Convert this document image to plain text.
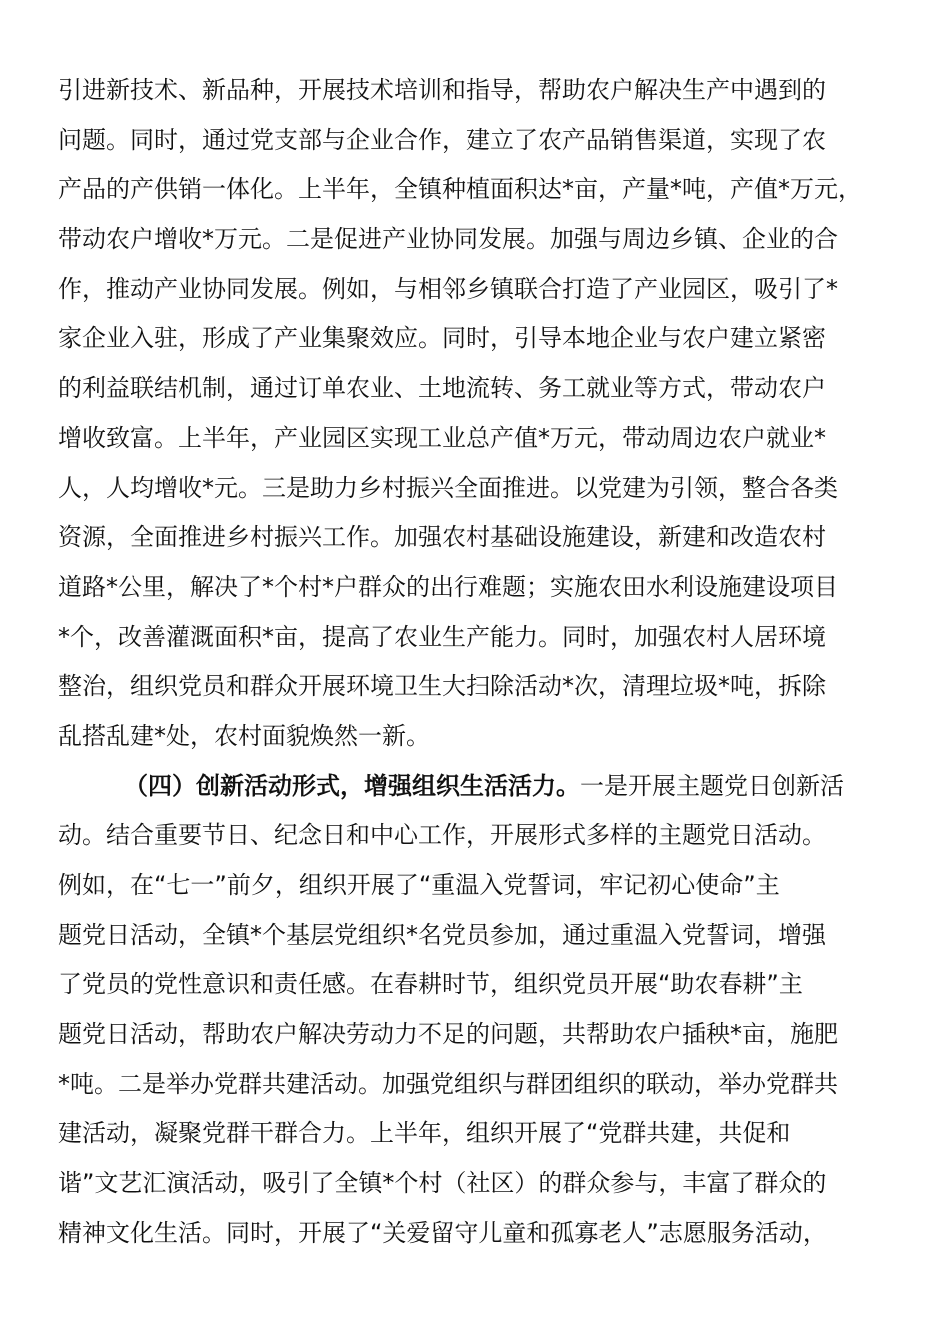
引进新技术、新品种，开展技术培训和指导，帮助农户解决生产中遇到的
问题。同时，通过党支部与企业合作，建立了农产品销售渠道，实现了农
产品的产供销一体化。上半年，全镇种植面积达*亩，产量*吨，产值*万元，
带动农户增收*万元。二是促进产业协同发展。加强与周边乡镇、企业的合
作，推动产业协同发展。例如，与相邻乡镇联合打造了产业园区，吸引了*
家企业入驻，形成了产业集聚效应。同时，引导本地企业与农户建立紧密
的利益联结机制，通过订单农业、土地流转、务工就业等方式，带动农户
增收致富。上半年，产业园区实现工业总产值*万元，带动周边农户就业*
人，人均增收*元。三是助力乡村振兴全面推进。以党建为引领，整合各类
资源，全面推进乡村振兴工作。加强农村基础设施建设，新建和改造农村
道路*公里，解决了*个村*户群众的出行难题；实施农田水利设施建设项目
*个，改善灌溉面积*亩，提高了农业生产能力。同时，加强农村人居环境
整治，组织党员和群众开展环境卫生大扫除活动*次，清理垃圾*吨，拆除
乱搭乱建*处，农村面貌焕然一新。
（四）创新活动形式，增强组织生活活力。一是开展主题党日创新活
动。结合重要节日、纪念日和中心工作，开展形式多样的主题党日活动。
例如，在“七一”前夕，组织开展了“重温入党誓词，牢记初心使命”主
题党日活动，全镇*个基层党组织*名党员参加，通过重温入党誓词，增强
了党员的党性意识和责任感。在春耕时节，组织党员开展“助农春耕”主
题党日活动，帮助农户解决劳动力不足的问题，共帮助农户插秧*亩，施肥
*吨。二是举办党群共建活动。加强党组织与群团组织的联动，举办党群共
建活动，凝聚党群干群合力。上半年，组织开展了“党群共建，共促和
谐”文艺汇演活动，吸引了全镇*个村（社区）的群众参与，丰富了群众的
精神文化生活。同时，开展了“关爱留守儿童和孤寡老人”志愿服务活动，
